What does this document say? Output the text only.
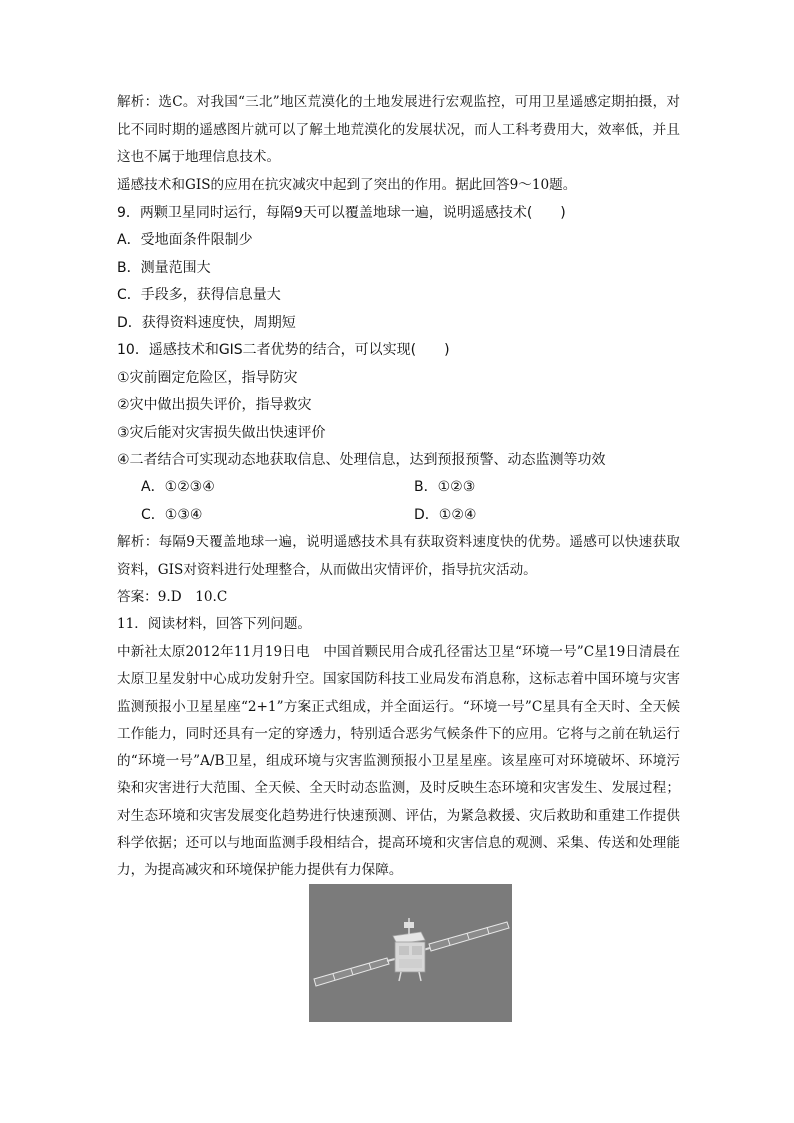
解析：选C。对我国“三北”地区荒漠化的土地发展进行宏观监控，可用卫星遥感定期拍摄，对比不同时期的遥感图片就可以了解土地荒漠化的发展状况，而人工科考费用大，效率低，并且这也不属于地理信息技术。
遥感技术和GIS的应用在抗灾减灾中起到了突出的作用。据此回答9～10题。
9．两颗卫星同时运行，每隔9天可以覆盖地球一遍，说明遥感技术(　　)
A．受地面条件限制少
B．测量范围大
C．手段多，获得信息量大
D．获得资料速度快，周期短
10．遥感技术和GIS二者优势的结合，可以实现(　　)
①灾前圈定危险区，指导防灾
②灾中做出损失评价，指导救灾
③灾后能对灾害损失做出快速评价
④二者结合可实现动态地获取信息、处理信息，达到预报预警、动态监测等功效
A．①②③④	B．①②③
C．①③④	D．①②④
解析：每隔9天覆盖地球一遍，说明遥感技术具有获取资料速度快的优势。遥感可以快速获取资料，GIS对资料进行处理整合，从而做出灾情评价，指导抗灾活动。
答案：9.D　10.C
11．阅读材料，回答下列问题。
中新社太原2012年11月19日电　中国首颗民用合成孔径雷达卫星“环境一号”C星19日清晨在太原卫星发射中心成功发射升空。国家国防科技工业局发布消息称，这标志着中国环境与灾害监测预报小卫星星座“2+1”方案正式组成，并全面运行。“环境一号”C星具有全天时、全天候工作能力，同时还具有一定的穿透力，特别适合恶劣气候条件下的应用。它将与之前在轨运行的“环境一号”A/B卫星，组成环境与灾害监测预报小卫星星座。该星座可对环境破坏、环境污染和灾害进行大范围、全天候、全天时动态监测，及时反映生态环境和灾害发生、发展过程；对生态环境和灾害发展变化趋势进行快速预测、评估，为紧急救援、灾后救助和重建工作提供科学依据；还可以与地面监测手段相结合，提高环境和灾害信息的观测、采集、传送和处理能力，为提高减灾和环境保护能力提供有力保障。
